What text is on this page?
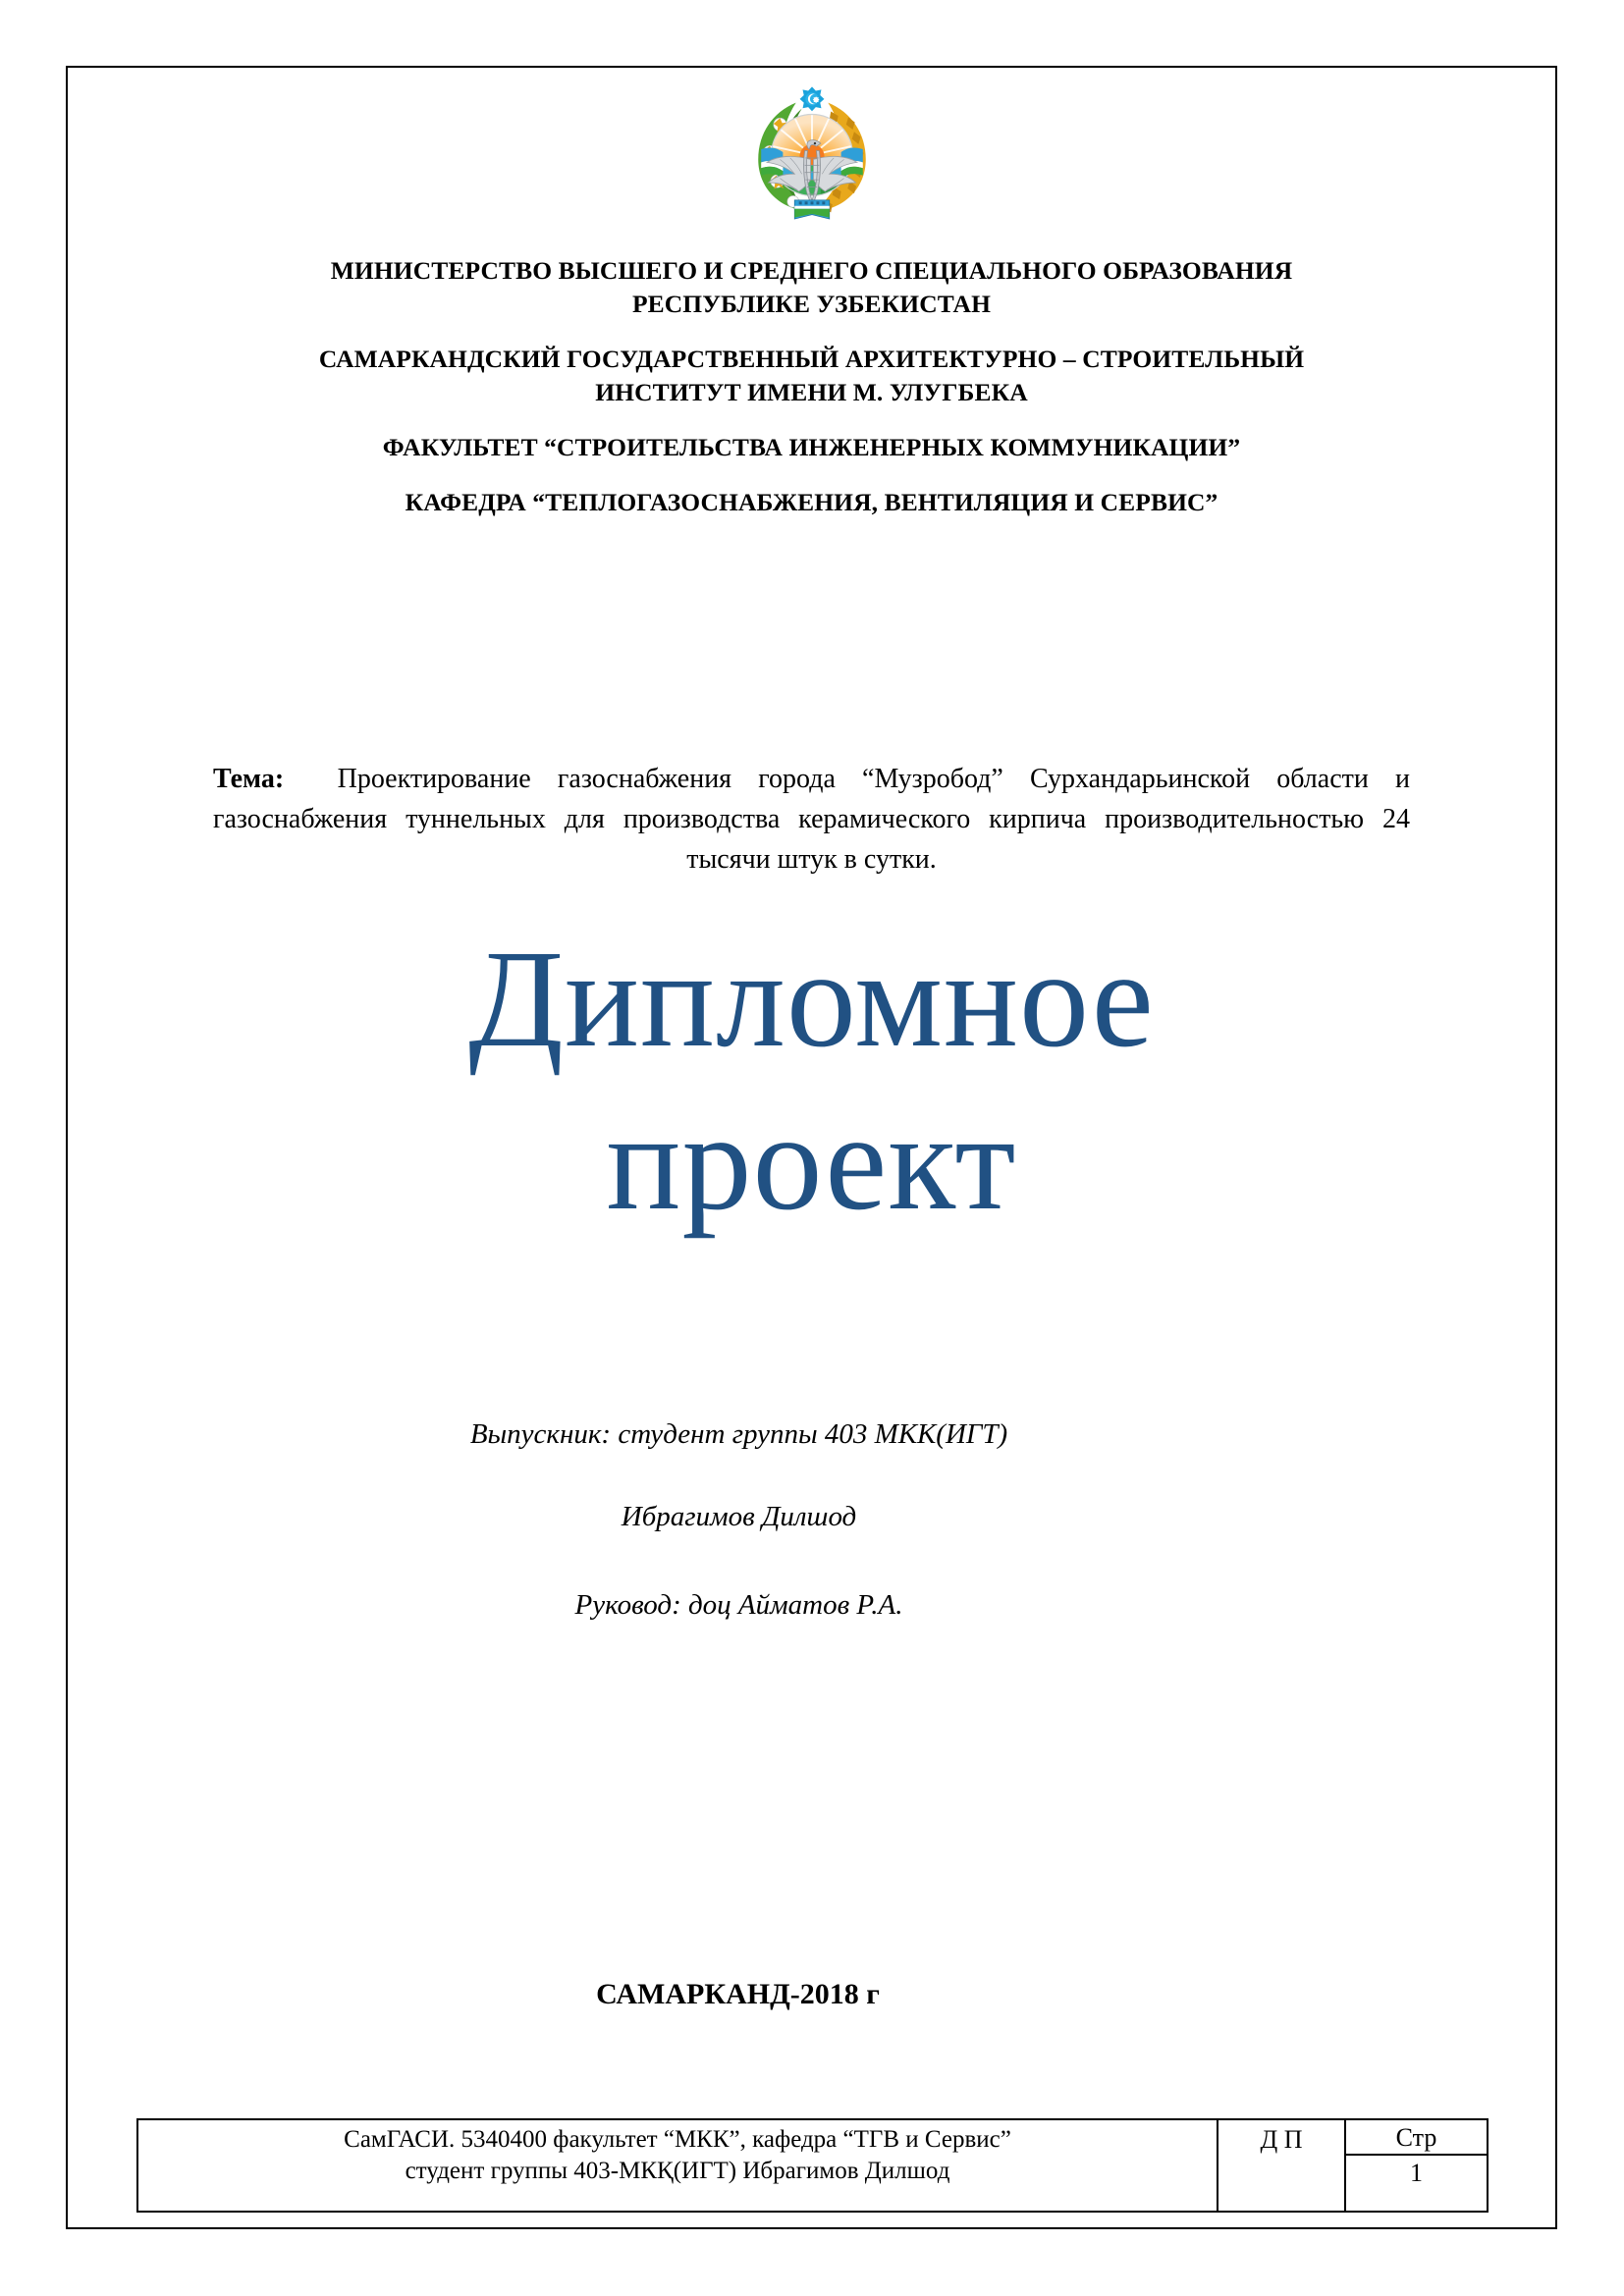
МИНИСТЕРСТВО ВЫСШЕГО И СРЕДНЕГО СПЕЦИАЛЬНОГО ОБРАЗОВАНИЯ
РЕСПУБЛИКЕ УЗБЕКИСТАН
САМАРКАНДСКИЙ ГОСУДАРСТВЕННЫЙ АРХИТЕКТУРНО – СТРОИТЕЛЬНЫЙ
ИНСТИТУТ ИМЕНИ М. УЛУГБЕКА
ФАКУЛЬТЕТ “СТРОИТЕЛЬСТВА ИНЖЕНЕРНЫХ КОММУНИКАЦИИ”
КАФЕДРА “ТЕПЛОГАЗОСНАБЖЕНИЯ, ВЕНТИЛЯЦИЯ И СЕРВИС”

Тема: Проектирование газоснабжения города “Музробод” Сурхандарьинской области и газоснабжения туннельных для производства керамического кирпича производительностью 24 тысячи штук в сутки.

Дипломное
проект
Выпускник: студент группы 403 МКК(ИГТ)
Ибрагимов Дилшод
Руковод: доц Айматов Р.А.
САМАРКАНД-2018 г
СамГАСИ. 5340400 факультет “МКК”, кафедра “ТГВ и Сервис”
студент группы 403-МКҚ(ИГТ) Ибрагимов Дилшод
Д П	Стр
1
